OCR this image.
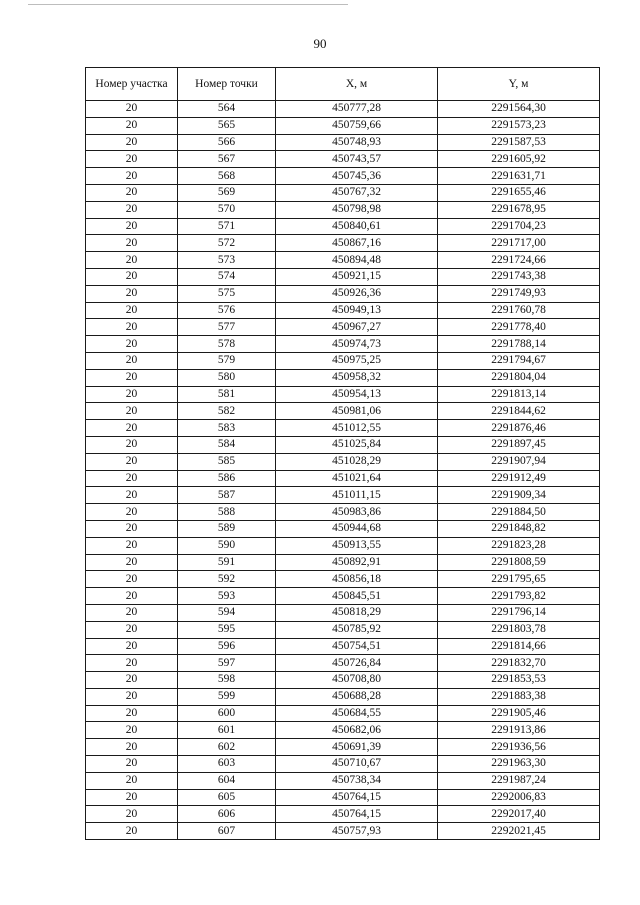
90
Номер участка	Номер точки	X, м	Y, м
20	564	450777,28	2291564,30
20	565	450759,66	2291573,23
20	566	450748,93	2291587,53
20	567	450743,57	2291605,92
20	568	450745,36	2291631,71
20	569	450767,32	2291655,46
20	570	450798,98	2291678,95
20	571	450840,61	2291704,23
20	572	450867,16	2291717,00
20	573	450894,48	2291724,66
20	574	450921,15	2291743,38
20	575	450926,36	2291749,93
20	576	450949,13	2291760,78
20	577	450967,27	2291778,40
20	578	450974,73	2291788,14
20	579	450975,25	2291794,67
20	580	450958,32	2291804,04
20	581	450954,13	2291813,14
20	582	450981,06	2291844,62
20	583	451012,55	2291876,46
20	584	451025,84	2291897,45
20	585	451028,29	2291907,94
20	586	451021,64	2291912,49
20	587	451011,15	2291909,34
20	588	450983,86	2291884,50
20	589	450944,68	2291848,82
20	590	450913,55	2291823,28
20	591	450892,91	2291808,59
20	592	450856,18	2291795,65
20	593	450845,51	2291793,82
20	594	450818,29	2291796,14
20	595	450785,92	2291803,78
20	596	450754,51	2291814,66
20	597	450726,84	2291832,70
20	598	450708,80	2291853,53
20	599	450688,28	2291883,38
20	600	450684,55	2291905,46
20	601	450682,06	2291913,86
20	602	450691,39	2291936,56
20	603	450710,67	2291963,30
20	604	450738,34	2291987,24
20	605	450764,15	2292006,83
20	606	450764,15	2292017,40
20	607	450757,93	2292021,45
